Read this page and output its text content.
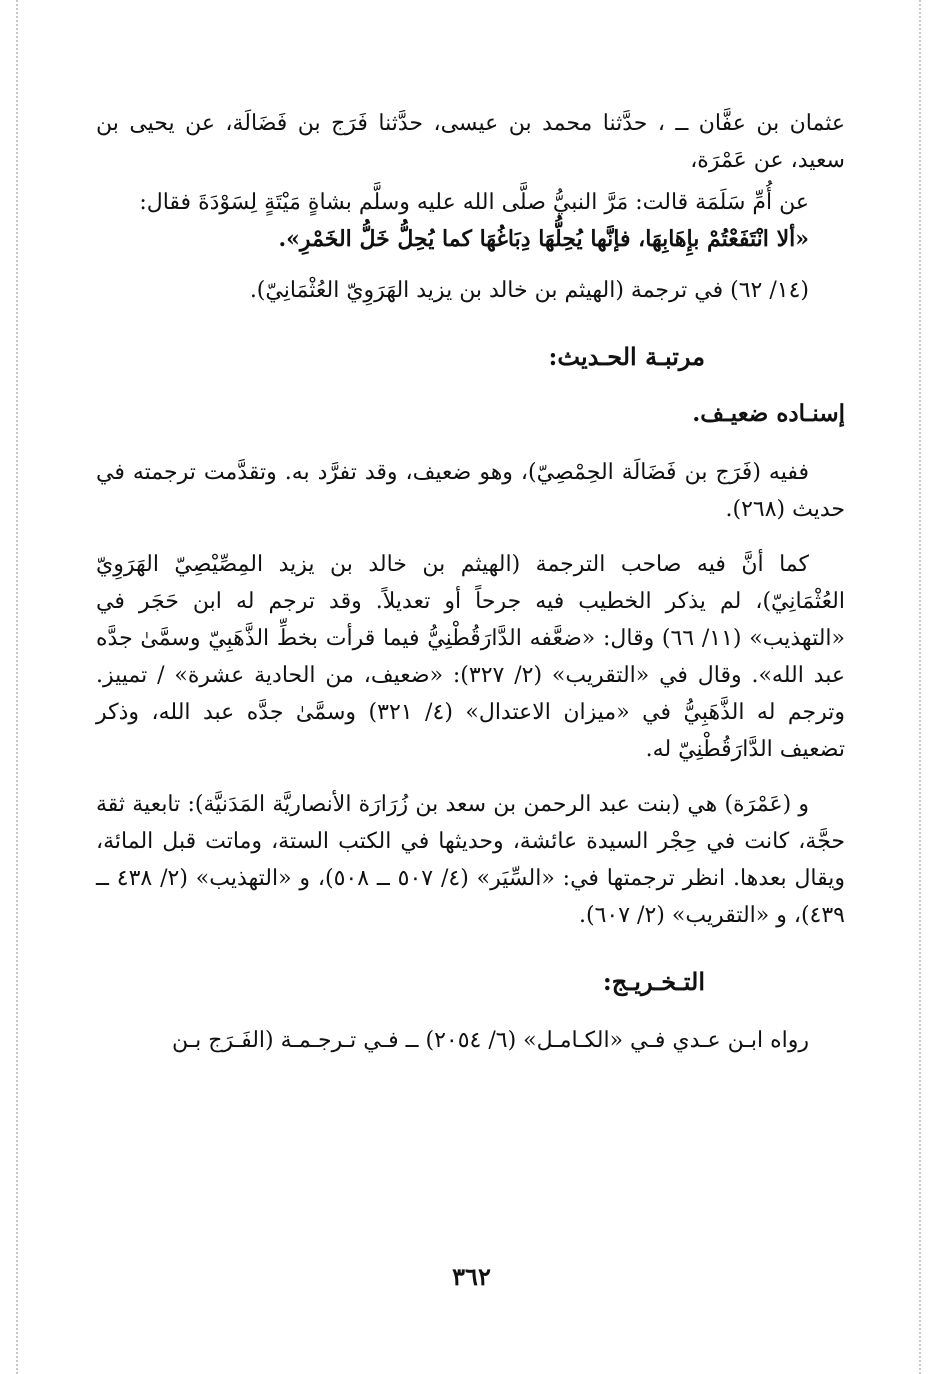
عثمان بن عفَّان ــ ، حدَّثنا محمد بن عيسى، حدَّثنا فَرَج بن فَضَالَة، عن يحيى بن سعيد، عن عَمْرَة،

عن أُمِّ سَلَمَة قالت: مَرَّ النبيُّ صلَّى الله عليه وسلَّم بشاةٍ مَيْتَةٍ لِسَوْدَةَ فقال:
«ألا انْتَفَعْتُمْ بإِهَابِهَا، فإنَّها يُحِلُّهَا دِبَاغُهَا كما يُحِلُّ خَلُّ الخَمْرِ».

(١٤/ ٦٢) في ترجمة (الهيثم بن خالد بن يزيد الهَرَوِيّ العُثْمَانِيّ).

مرتبـة الحـديث:

إسنـاده ضعيـف.

ففيه (فَرَج بن فَضَالَة الحِمْصِيّ)، وهو ضعيف، وقد تفرَّد به. وتقدَّمت ترجمته في حديث (٢٦٨).

كما أنَّ فيه صاحب الترجمة (الهيثم بن خالد بن يزيد المِصِّيْصِيّ الهَرَوِيّ العُثْمَانِيّ)، لم يذكر الخطيب فيه جرحاً أو تعديلاً. وقد ترجم له ابن حَجَر في «التهذيب» (١١/ ٦٦) وقال: «ضعَّفه الدَّارَقُطْنِيُّ فيما قرأت بخطِّ الذَّهَبِيّ وسمَّىٰ جدَّه عبد الله». وقال في «التقريب» (٢/ ٣٢٧): «ضعيف، من الحادية عشرة» / تمييز. وترجم له الذَّهَبِيُّ في «ميزان الاعتدال» (٤/ ٣٢١) وسمَّىٰ جدَّه عبد الله، وذكر تضعيف الدَّارَقُطْنِيّ له.

و (عَمْرَة) هي (بنت عبد الرحمن بن سعد بن زُرَارَة الأنصاريَّة المَدَنيَّة): تابعية ثقة حجَّة، كانت في حِجْر السيدة عائشة، وحديثها في الكتب الستة، وماتت قبل المائة، ويقال بعدها. انظر ترجمتها في: «السِّيَر» (٤/ ٥٠٧ ــ ٥٠٨)، و «التهذيب» (٢/ ٤٣٨ ــ ٤٣٩)، و «التقريب» (٢/ ٦٠٧).

التـخـريـج:

رواه ابـن عـدي فـي «الكـامـل» (٦/ ٢٠٥٤) ــ فـي تـرجـمـة (الفَـرَج بـن

٣٦٢
